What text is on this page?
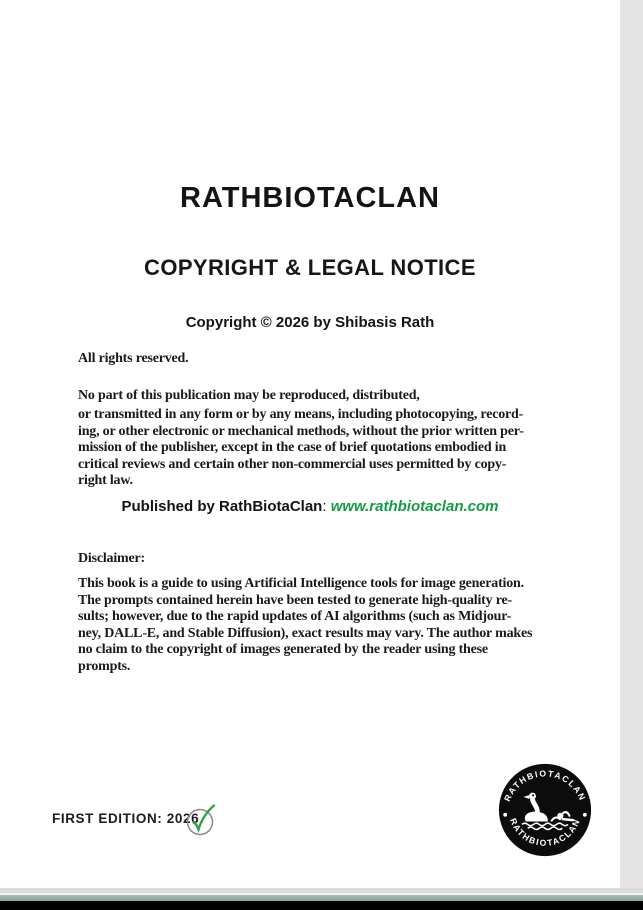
RATHBIOTACLAN
COPYRIGHT & LEGAL NOTICE
Copyright © 2026 by Shibasis Rath
All rights reserved.
No part of this publication may be reproduced, distributed,
or transmitted in any form or by any means, including photocopying, record-
ing, or other electronic or mechanical methods, without the prior written per-
mission of the publisher, except in the case of brief quotations embodied in
critical reviews and certain other non-commercial uses permitted by copy-
right law.
Published by RathBiotaClan: www.rathbiotaclan.com
Disclaimer:
This book is a guide to using Artificial Intelligence tools for image generation.
The prompts contained herein have been tested to generate high-quality re-
sults; however, due to the rapid updates of AI algorithms (such as Midjour-
ney, DALL-E, and Stable Diffusion), exact results may vary. The author makes
no claim to the copyright of images generated by the reader using these
prompts.
FIRST EDITION: 2026
RATHBIOTACLAN
RATHBIOTACLAN
